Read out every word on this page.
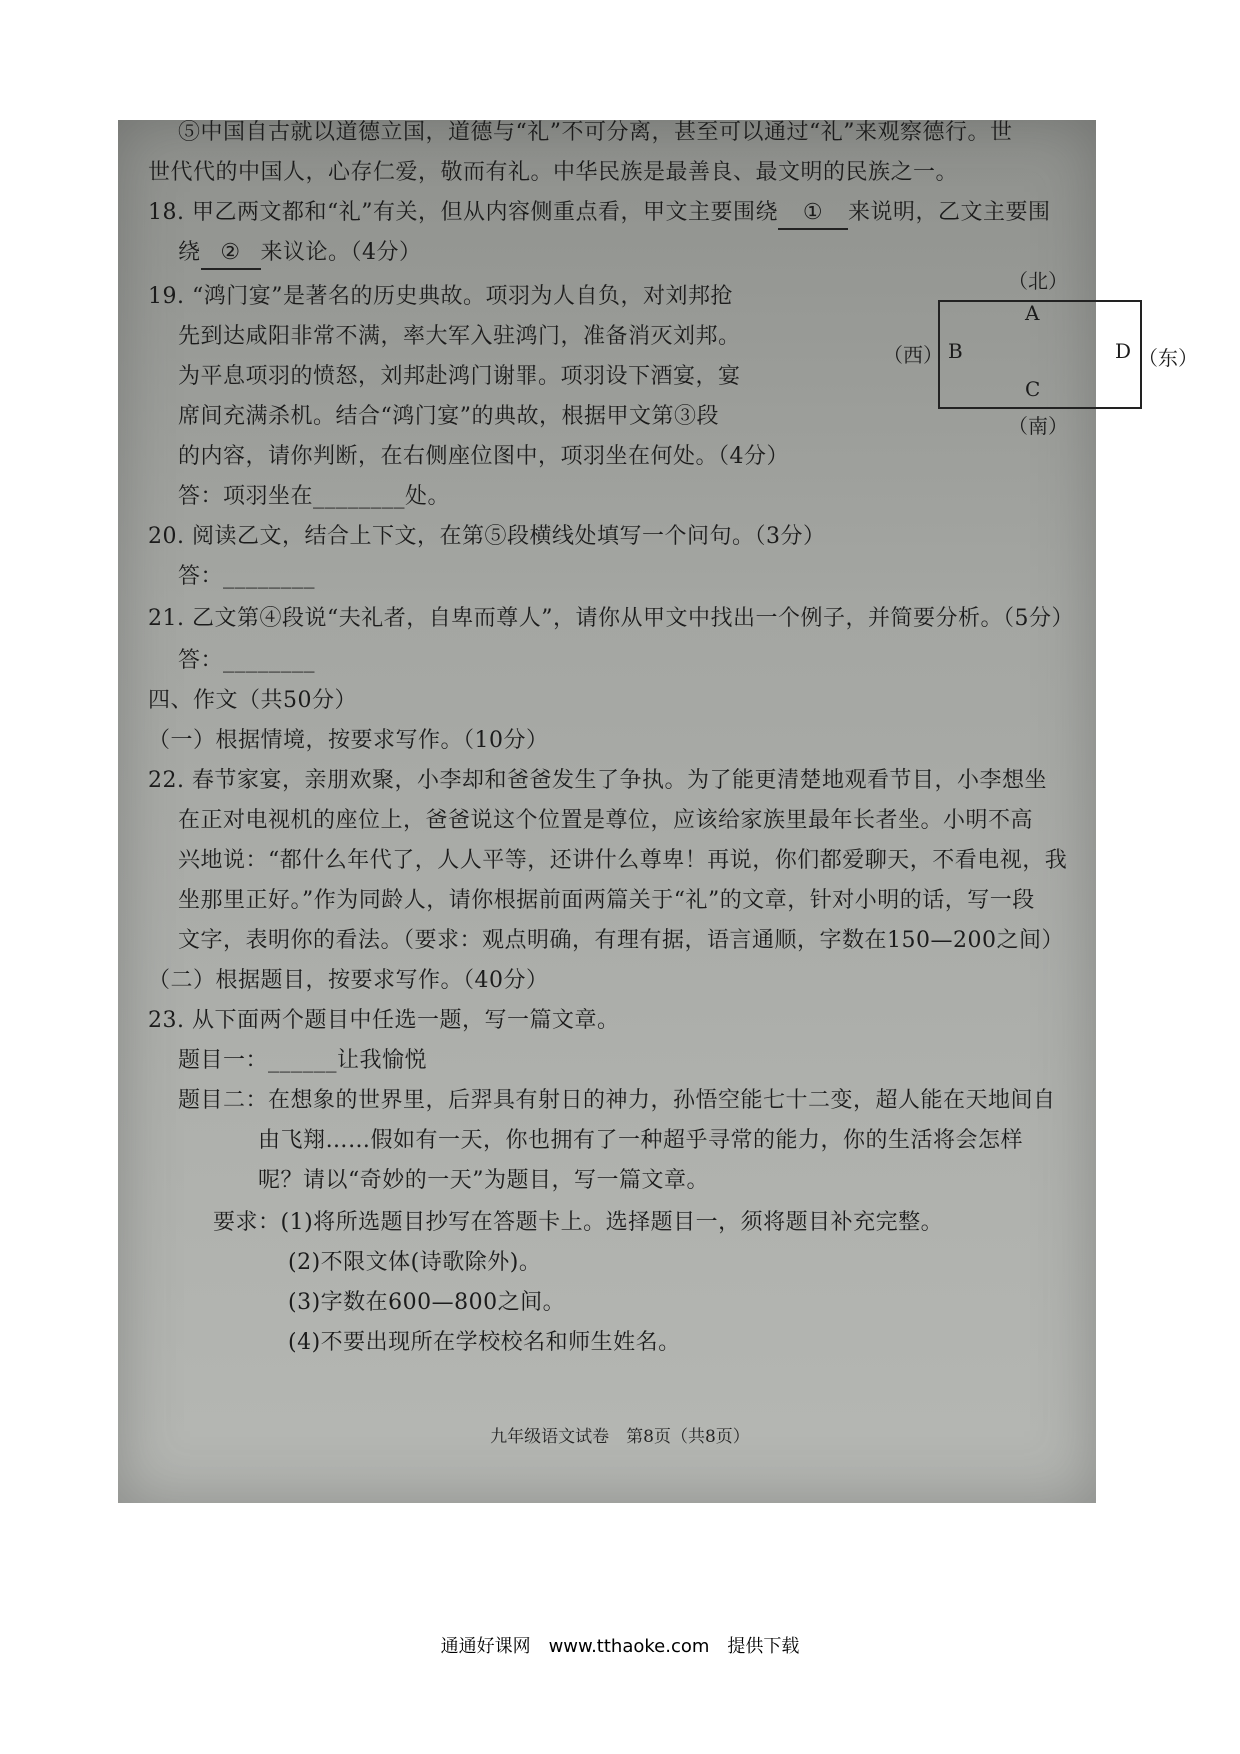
⑤中国自古就以道德立国，道德与“礼”不可分离，甚至可以通过“礼”来观察德行。世
世代代的中国人，心存仁爱，敬而有礼。中华民族是最善良、最文明的民族之一。
18. 甲乙两文都和“礼”有关，但从内容侧重点看，甲文主要围绕 ① 来说明，乙文主要围
绕 ② 来议论。（4分）
19. “鸿门宴”是著名的历史典故。项羽为人自负，对刘邦抢
先到达咸阳非常不满，率大军入驻鸿门，准备消灭刘邦。
为平息项羽的愤怒，刘邦赴鸿门谢罪。项羽设下酒宴，宴
席间充满杀机。结合“鸿门宴”的典故，根据甲文第③段
的内容，请你判断，在右侧座位图中，项羽坐在何处。（4分）
答：项羽坐在________处。
（北）
A
B
C
D
（西）
（南）
（东）
20. 阅读乙文，结合上下文，在第⑤段横线处填写一个问句。（3分）
答：________
21. 乙文第④段说“夫礼者，自卑而尊人”，请你从甲文中找出一个例子，并简要分析。（5分）
答：________
四、作文（共50分）
（一）根据情境，按要求写作。（10分）
22. 春节家宴，亲朋欢聚，小李却和爸爸发生了争执。为了能更清楚地观看节目，小李想坐
在正对电视机的座位上，爸爸说这个位置是尊位，应该给家族里最年长者坐。小明不高
兴地说：“都什么年代了，人人平等，还讲什么尊卑！再说，你们都爱聊天，不看电视，我
坐那里正好。”作为同龄人，请你根据前面两篇关于“礼”的文章，针对小明的话，写一段
文字，表明你的看法。（要求：观点明确，有理有据，语言通顺，字数在150—200之间）
（二）根据题目，按要求写作。（40分）
23. 从下面两个题目中任选一题，写一篇文章。
题目一：______让我愉悦
题目二：在想象的世界里，后羿具有射日的神力，孙悟空能七十二变，超人能在天地间自
由飞翔……假如有一天，你也拥有了一种超乎寻常的能力，你的生活将会怎样
呢？请以“奇妙的一天”为题目，写一篇文章。
要求：(1)将所选题目抄写在答题卡上。选择题目一，须将题目补充完整。
(2)不限文体(诗歌除外)。
(3)字数在600—800之间。
(4)不要出现所在学校校名和师生姓名。
九年级语文试卷　第8页（共8页）
通通好课网　www.tthaoke.com　提供下载
